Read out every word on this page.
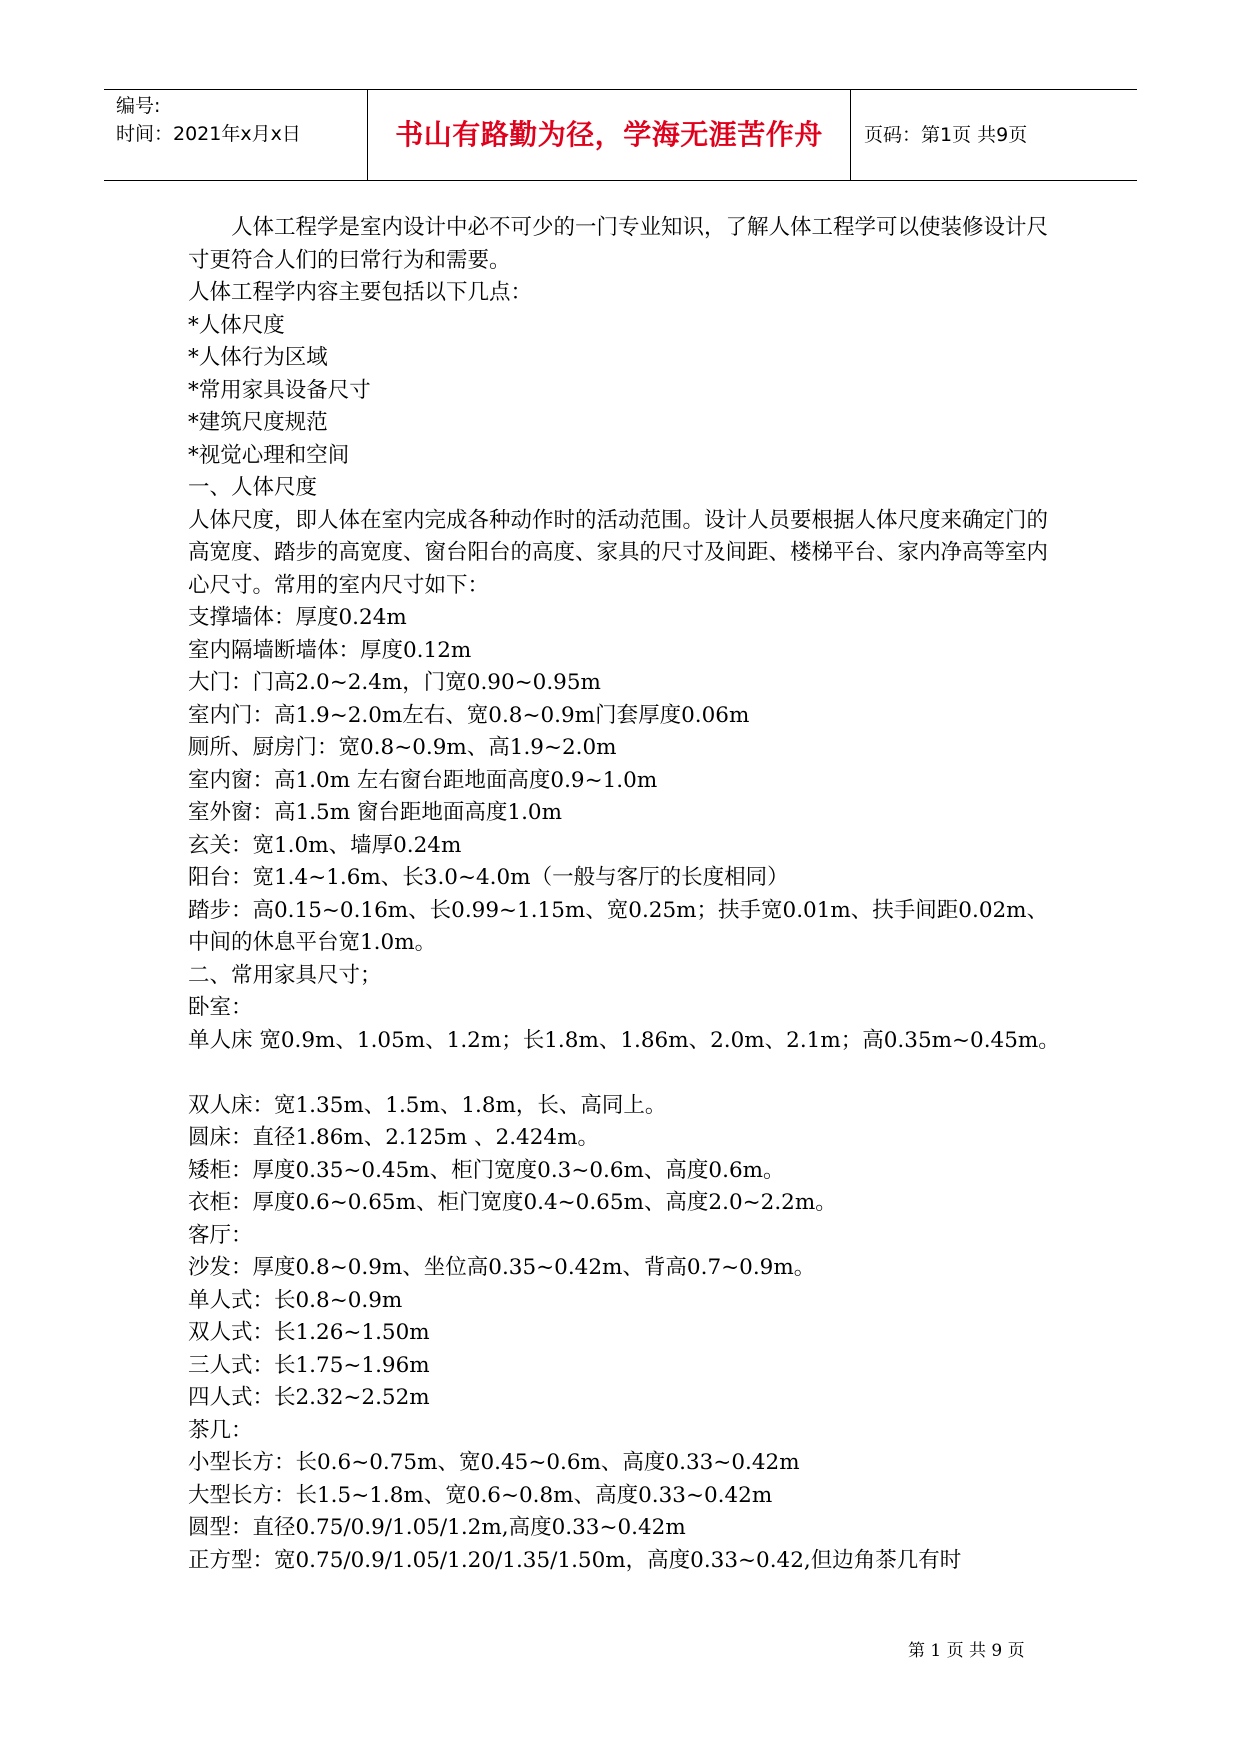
编号:
时间：2021年x月x日	书山有路勤为径，学海无涯苦作舟	页码：第1页 共9页

人体工程学是室内设计中必不可少的一门专业知识，了解人体工程学可以使装修设计尺寸更符合人们的曰常行为和需要。

人体工程学内容主要包括以下几点：

*人体尺度

*人体行为区域

*常用家具设备尺寸

*建筑尺度规范

*视觉心理和空间

一、人体尺度

人体尺度，即人体在室内完成各种动作时的活动范围。设计人员要根据人体尺度来确定门的高宽度、踏步的高宽度、窗台阳台的高度、家具的尺寸及间距、楼梯平台、家内净高等室内心尺寸。常用的室内尺寸如下：

支撑墙体：厚度0.24m

室内隔墙断墙体：厚度0.12m

大门：门高2.0~2.4m，门宽0.90~0.95m

室内门：高1.9~2.0m左右、宽0.8~0.9m门套厚度0.06m

厕所、厨房门：宽0.8~0.9m、高1.9~2.0m

室内窗：高1.0m 左右窗台距地面高度0.9~1.0m

室外窗：高1.5m 窗台距地面高度1.0m

玄关：宽1.0m、墙厚0.24m

阳台：宽1.4~1.6m、长3.0~4.0m（一般与客厅的长度相同）

踏步：高0.15~0.16m、长0.99~1.15m、宽0.25m；扶手宽0.01m、扶手间距0.02m、中间的休息平台宽1.0m。

二、常用家具尺寸；

卧室：

单人床 宽0.9m、1.05m、1.2m；长1.8m、1.86m、2.0m、2.1m；高0.35m~0.45m。

双人床：宽1.35m、1.5m、1.8m，长、高同上。

圆床：直径1.86m、2.125m 、2.424m。

矮柜：厚度0.35~0.45m、柜门宽度0.3~0.6m、高度0.6m。

衣柜：厚度0.6~0.65m、柜门宽度0.4~0.65m、高度2.0~2.2m。

客厅：

沙发：厚度0.8~0.9m、坐位高0.35~0.42m、背高0.7~0.9m。

单人式：长0.8~0.9m

双人式：长1.26~1.50m

三人式：长1.75~1.96m

四人式：长2.32~2.52m

茶几：

小型长方：长0.6~0.75m、宽0.45~0.6m、高度0.33~0.42m

大型长方：长1.5~1.8m、宽0.6~0.8m、高度0.33~0.42m

圆型：直径0.75/0.9/1.05/1.2m,高度0.33~0.42m

正方型：宽0.75/0.9/1.05/1.20/1.35/1.50m，高度0.33~0.42,但边角茶几有时

第 1 页 共 9 页
